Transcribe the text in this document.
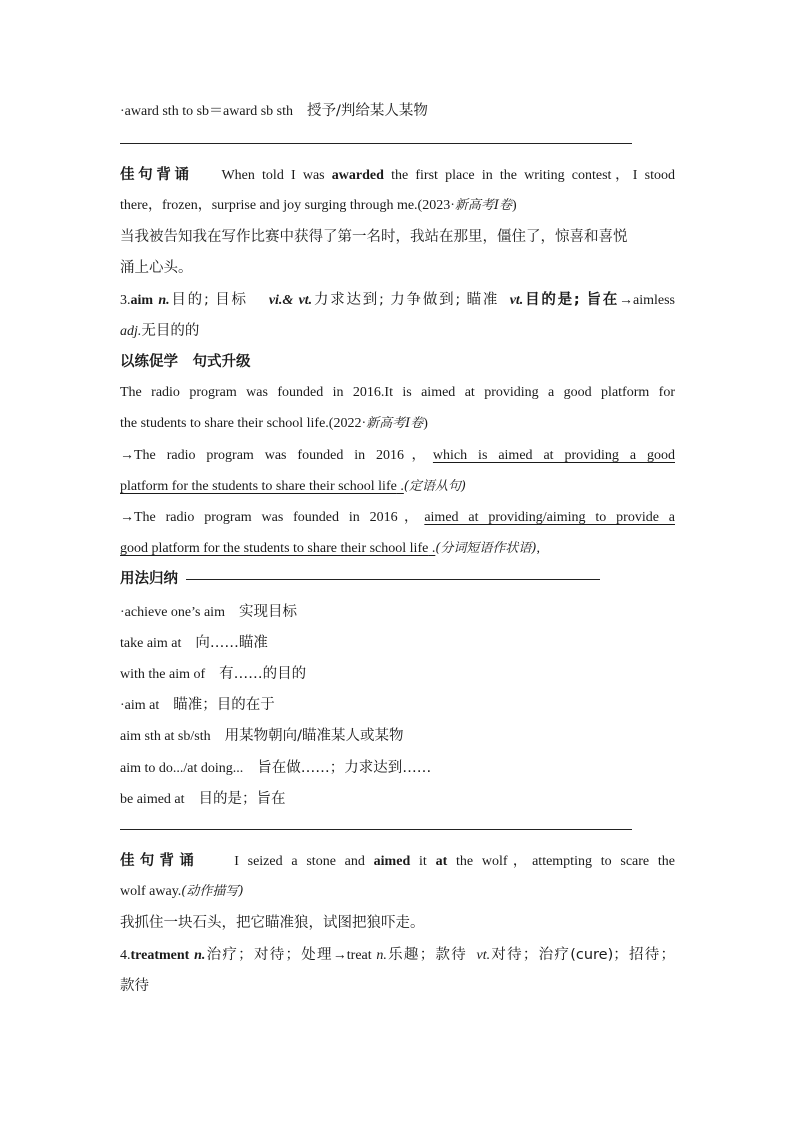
·award sth to sb＝award sb sth 授予/判给某人某物
佳句背诵 When told I was awarded the first place in the writing contest，I stood
there，frozen，surprise and joy surging through me.(2023·新高考Ⅰ卷)
当我被告知我在写作比赛中获得了第一名时，我站在那里，僵住了，惊喜和喜悦
涌上心头。
3.aim n.目的; 目标 vi.& vt.力求达到; 力争做到; 瞄准 vt.目的是; 旨在→aimless
adj.无目的的
以练促学　句式升级
The radio program was founded in 2016.It is aimed at providing a good platform for
the students to share their school life.(2022·新高考Ⅰ卷)
→The radio program was founded in 2016，which is aimed at providing a good
platform for the students to share their school life .(定语从句)
→The radio program was founded in 2016，aimed at providing/aiming to provide a
good platform for the students to share their school life .(分词短语作状语),
用法归纳
·achieve one’s aim 实现目标
take aim at 向……瞄准
with the aim of 有……的目的
·aim at 瞄准；目的在于
aim sth at sb/sth 用某物朝向/瞄准某人或某物
aim to do.../at doing... 旨在做……；力求达到……
be aimed at 目的是；旨在
佳句背诵	I seized a stone and aimed it at the wolf，attempting to scare the
wolf away.(动作描写)
我抓住一块石头，把它瞄准狼，试图把狼吓走。
4.treatment n.治疗；对待；处理→treat n.乐趣；款待 vt.对待；治疗(cure)；招待；
款待
